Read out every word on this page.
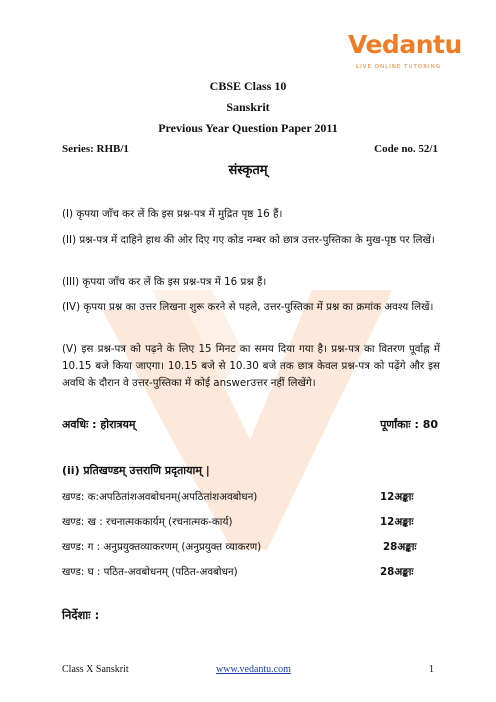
Vedantu
LIVE ONLINE TUTORING
CBSE Class 10
Sanskrit
Previous Year Question Paper 2011
Series: RHB/1	Code no. 52/1
संस्कृतम्
(I) कृपया जाँच कर लें कि इस प्रश्न-पत्र में मुद्रित पृष्ठ 16 हैं।
(II) प्रश्न-पत्र में दाहिने हाथ की ओर दिए गए कोड नम्बर को छात्र उत्तर-पुस्तिका के मुख-पृष्ठ पर लिखें।
(III) कृपया जाँच कर लें कि इस प्रश्न-पत्र में 16 प्रश्न हैं।
(IV) कृपया प्रश्न का उत्तर लिखना शुरू करने से पहले, उत्तर-पुस्तिका में प्रश्न का क्रमांक अवश्य लिखें।
(V) इस प्रश्न-पत्र को पढ़ने के लिए 15 मिनट का समय दिया गया है। प्रश्न-पत्र का वितरण पूर्वाह्न में 10.15 बजे किया जाएगा। 10.15 बजे से 10.30 बजे तक छात्र केवल प्रश्न-पत्र को पढ़ेंगे और इस अवधि के दौरान वे उत्तर-पुस्तिका में कोई answerउत्तर नहीं लिखेंगे।
अवधिः : होरात्रयम्	पूर्णांकाः : 80
(ii) प्रतिखण्डम् उत्तराणि प्रदृतायाम् |
खण्ड: क:अपठितांशअवबोधनम्(अपठितांशअवबोधन)	12अङ्काः
खण्ड: ख : रचनात्मककार्यम् (रचनात्मक-कार्य)	12अङ्काः
खण्ड: ग : अनुप्रयुक्तव्याकरणम् (अनुप्रयुक्त व्याकरण)	28अङ्काः
खण्ड: घ : पठित-अवबोधनम् (पठित-अवबोधन)	28अङ्काः
निर्देशाः :
Class X Sanskrit	www.vedantu.com	1
